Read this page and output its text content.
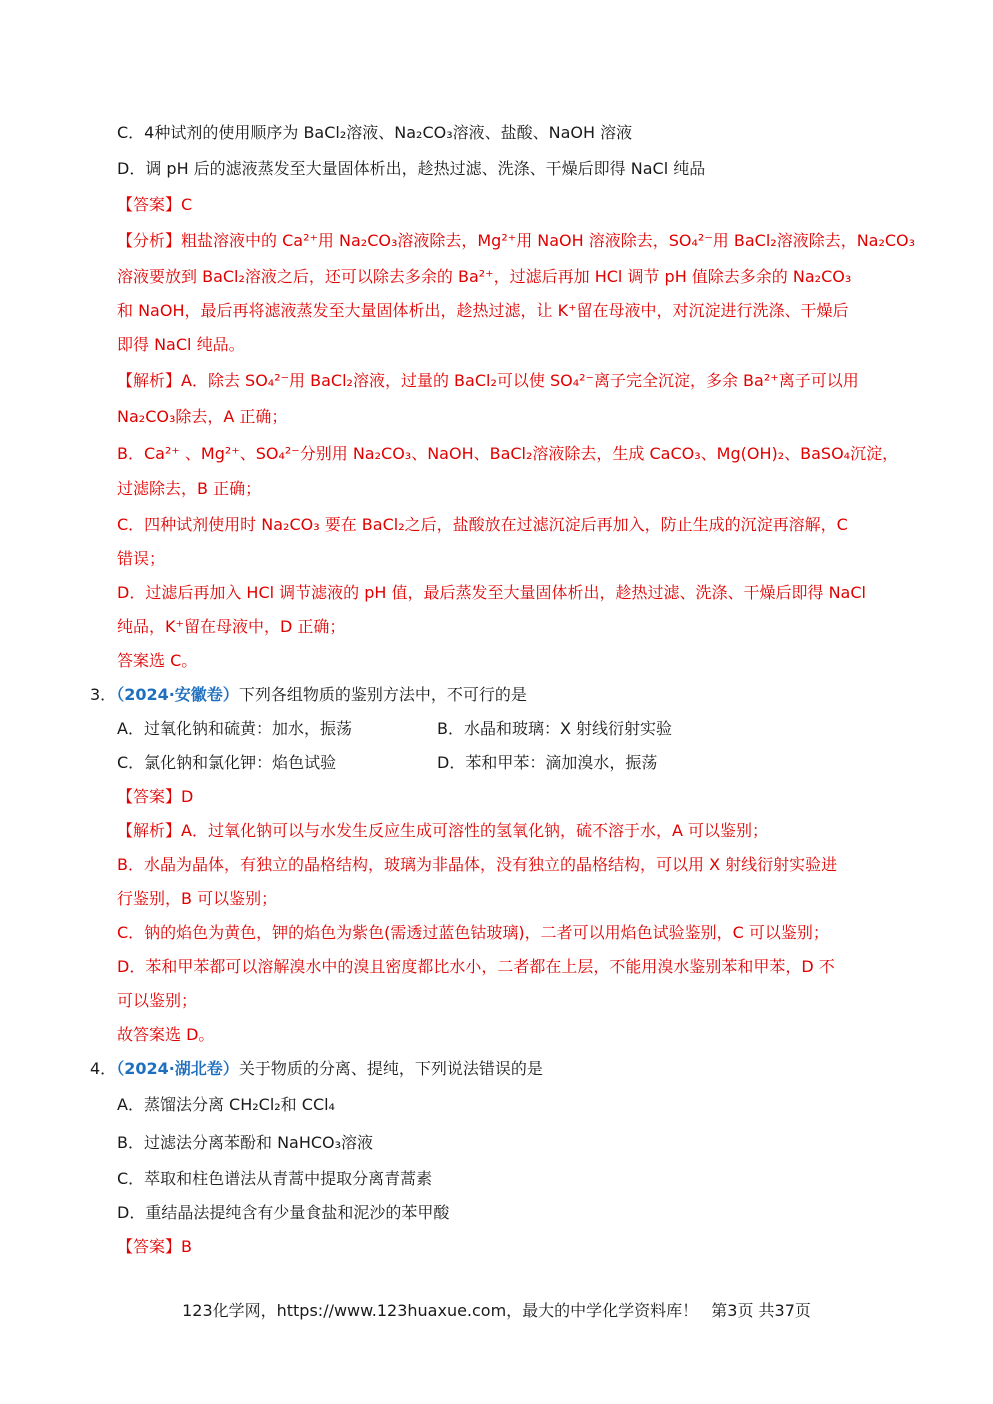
C．4种试剂的使用顺序为 BaCl₂溶液、Na₂CO₃溶液、盐酸、NaOH 溶液
D．调 pH 后的滤液蒸发至大量固体析出，趁热过滤、洗涤、干燥后即得 NaCl 纯品
【答案】C
【分析】粗盐溶液中的 Ca²⁺用 Na₂CO₃溶液除去，Mg²⁺用 NaOH 溶液除去，SO₄²⁻用 BaCl₂溶液除去，Na₂CO₃
溶液要放到 BaCl₂溶液之后，还可以除去多余的 Ba²⁺，过滤后再加 HCl 调节 pH 值除去多余的 Na₂CO₃
和 NaOH，最后再将滤液蒸发至大量固体析出，趁热过滤，让 K⁺留在母液中，对沉淀进行洗涤、干燥后
即得 NaCl 纯品。
【解析】A．除去 SO₄²⁻用 BaCl₂溶液，过量的 BaCl₂可以使 SO₄²⁻离子完全沉淀，多余 Ba²⁺离子可以用
Na₂CO₃除去，A 正确；
B．Ca²⁺ 、Mg²⁺、SO₄²⁻分别用 Na₂CO₃、NaOH、BaCl₂溶液除去，生成 CaCO₃、Mg(OH)₂、BaSO₄沉淀，
过滤除去，B 正确；
C．四种试剂使用时 Na₂CO₃ 要在 BaCl₂之后，盐酸放在过滤沉淀后再加入，防止生成的沉淀再溶解，C
错误；
D．过滤后再加入 HCl 调节滤液的 pH 值，最后蒸发至大量固体析出，趁热过滤、洗涤、干燥后即得 NaCl
纯品，K⁺留在母液中，D 正确；
答案选 C。
3．（2024·安徽卷）下列各组物质的鉴别方法中，不可行的是
A．过氧化钠和硫黄：加水，振荡	B．水晶和玻璃：X 射线衍射实验
C．氯化钠和氯化钾：焰色试验	D．苯和甲苯：滴加溴水，振荡
【答案】D
【解析】A．过氧化钠可以与水发生反应生成可溶性的氢氧化钠，硫不溶于水，A 可以鉴别；
B．水晶为晶体，有独立的晶格结构，玻璃为非晶体，没有独立的晶格结构，可以用 X 射线衍射实验进
行鉴别，B 可以鉴别；
C．钠的焰色为黄色，钾的焰色为紫色(需透过蓝色钴玻璃)，二者可以用焰色试验鉴别，C 可以鉴别；
D．苯和甲苯都可以溶解溴水中的溴且密度都比水小，二者都在上层，不能用溴水鉴别苯和甲苯，D 不
可以鉴别；
故答案选 D。
4．（2024·湖北卷）关于物质的分离、提纯，下列说法错误的是
A．蒸馏法分离 CH₂Cl₂和 CCl₄
B．过滤法分离苯酚和 NaHCO₃溶液
C．萃取和柱色谱法从青蒿中提取分离青蒿素
D．重结晶法提纯含有少量食盐和泥沙的苯甲酸
【答案】B
123化学网，https://www.123huaxue.com，最大的中学化学资料库！ 第3页 共37页
